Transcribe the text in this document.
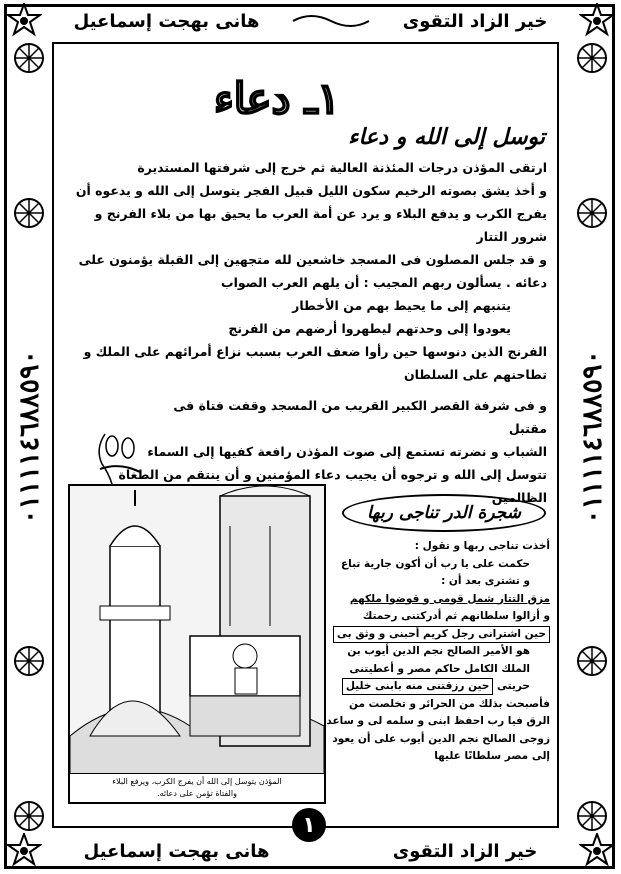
هانى بهجت إسماعيل	خير الزاد التقوى
٠١١١١٤٦٨٨٥٩٠	٠١١١١٤٦٨٨٥٩٠
١ـ دعاء
توسل إلى الله و دعاء

ارتقى المؤذن درجات المئذنة العالية ثم خرج إلى شرفتها المستديرة

و أخذ يشق بصوته الرخيم سكون الليل قبيل الفجر يتوسل إلى الله و يدعوه أن

يفرج الكرب و يدفع البلاء و يرد عن أمة العرب ما يحيق بها من بلاء الفرنج و

شرور التتار

و قد جلس المصلون فى المسجد خاشعين لله متجهين إلى القبلة يؤمنون على

دعائه . يسألون ربهم المجيب : أن يلهم العرب الصواب

يتنبهم إلى ما يحيط بهم من الأخطار

يعودوا إلى وحدتهم ليطهروا أرضهم من الفرنج

الفرنج الذين دنوسها حين رأوا ضعف العرب بسبب نزاع أمرائهم على الملك و

تطاحنهم على السلطان

و فى شرفة القصر الكبير القريب من المسجد وقفت فتاة فى مقتبل

الشباب و نضرته تستمع إلى صوت المؤذن رافعة كفيها إلى السماء

تتوسل إلى الله و ترجوه أن يجيب دعاء المؤمنين و أن ينتقم من الطغاة الظالمين

المؤذن يتوسل إلى الله أن يفرج الكرب، ويرفع البلاء
والفتاة تؤمن على دعائه.
شجرة الدر تناجى ربها
أخذت تناجى ربها و تقول :
حكمت على يا رب أن أكون جارية تباع
و تشترى بعد أن :
مزق التتار شمل قومى و قوضوا ملكهم
و أزالوا سلطانهم ثم أدركتنى رحمتك
حين اشترانى رجل كريم أحبنى و وثق بى
هو الأمير الصالح نجم الدين أيوب بن
الملك الكامل حاكم مصر و أعطيتنى
حريتى حين رزقتنى منه بابنى خليل
فأصبحت بذلك من الحرائر و تخلصت من
الرق فيا رب احفظ ابنى و سلمه لى و ساعد
زوجى الصالح نجم الدين أيوب على أن يعود
إلى مصر سلطانًا عليها
هانى بهجت إسماعيل	خير الزاد التقوى
١
